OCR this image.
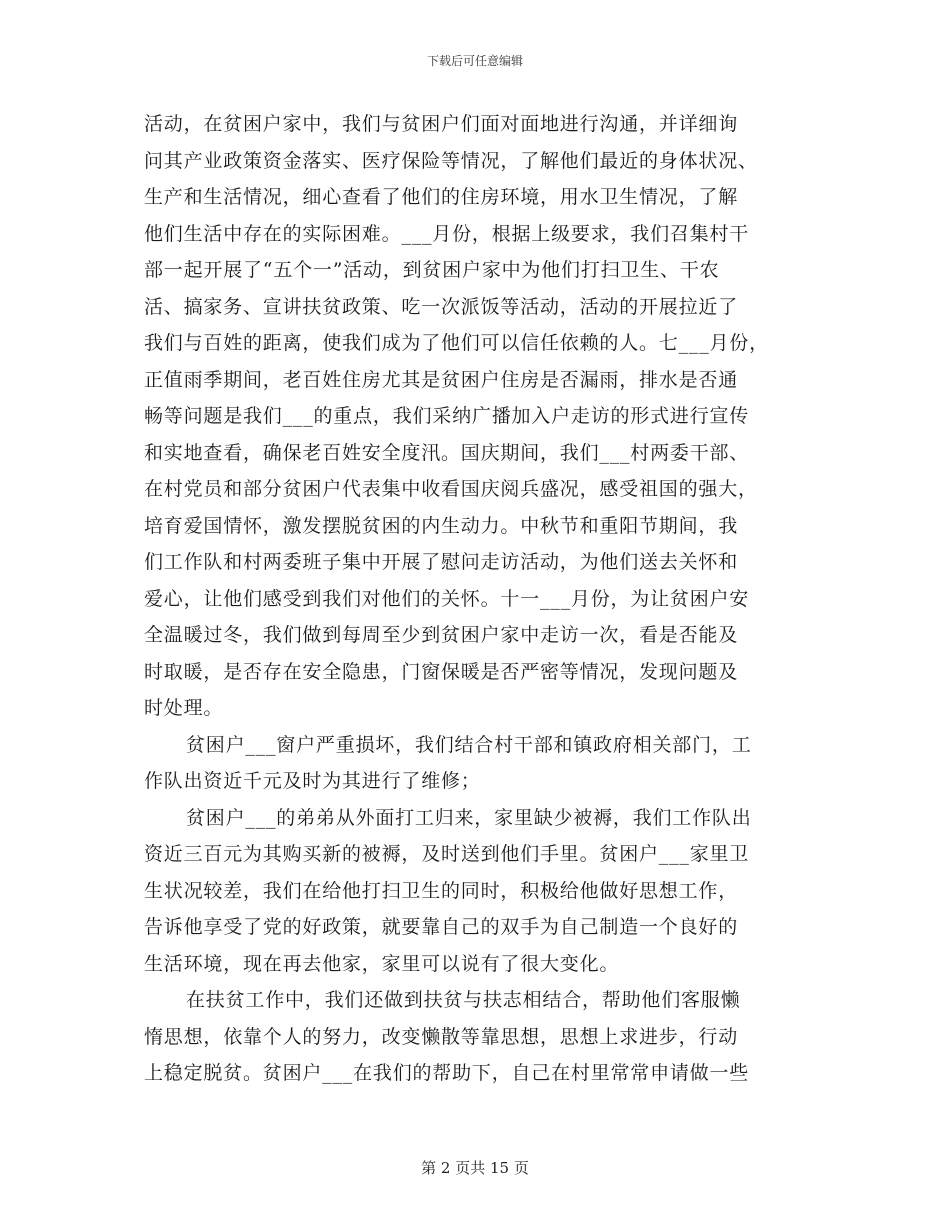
下载后可任意编辑
活动，在贫困户家中，我们与贫困户们面对面地进行沟通，并详细询
问其产业政策资金落实、医疗保险等情况，了解他们最近的身体状况、
生产和生活情况，细心查看了他们的住房环境，用水卫生情况，了解
他们生活中存在的实际困难。___月份，根据上级要求，我们召集村干
部一起开展了“五个一”活动，到贫困户家中为他们打扫卫生、干农
活、搞家务、宣讲扶贫政策、吃一次派饭等活动，活动的开展拉近了
我们与百姓的距离，使我们成为了他们可以信任依赖的人。七___月份，
正值雨季期间，老百姓住房尤其是贫困户住房是否漏雨，排水是否通
畅等问题是我们___的重点，我们采纳广播加入户走访的形式进行宣传
和实地查看，确保老百姓安全度汛。国庆期间，我们___村两委干部、
在村党员和部分贫困户代表集中收看国庆阅兵盛况，感受祖国的强大，
培育爱国情怀，激发摆脱贫困的内生动力。中秋节和重阳节期间，我
们工作队和村两委班子集中开展了慰问走访活动，为他们送去关怀和
爱心，让他们感受到我们对他们的关怀。十一___月份，为让贫困户安
全温暖过冬，我们做到每周至少到贫困户家中走访一次，看是否能及
时取暖，是否存在安全隐患，门窗保暖是否严密等情况，发现问题及
时处理。
贫困户___窗户严重损坏，我们结合村干部和镇政府相关部门，工
作队出资近千元及时为其进行了维修；
贫困户___的弟弟从外面打工归来，家里缺少被褥，我们工作队出
资近三百元为其购买新的被褥，及时送到他们手里。贫困户___家里卫
生状况较差，我们在给他打扫卫生的同时，积极给他做好思想工作，
告诉他享受了党的好政策，就要靠自己的双手为自己制造一个良好的
生活环境，现在再去他家，家里可以说有了很大变化。
在扶贫工作中，我们还做到扶贫与扶志相结合，帮助他们客服懒
惰思想，依靠个人的努力，改变懒散等靠思想，思想上求进步，行动
上稳定脱贫。贫困户___在我们的帮助下，自己在村里常常申请做一些
第 2 页共 15 页
